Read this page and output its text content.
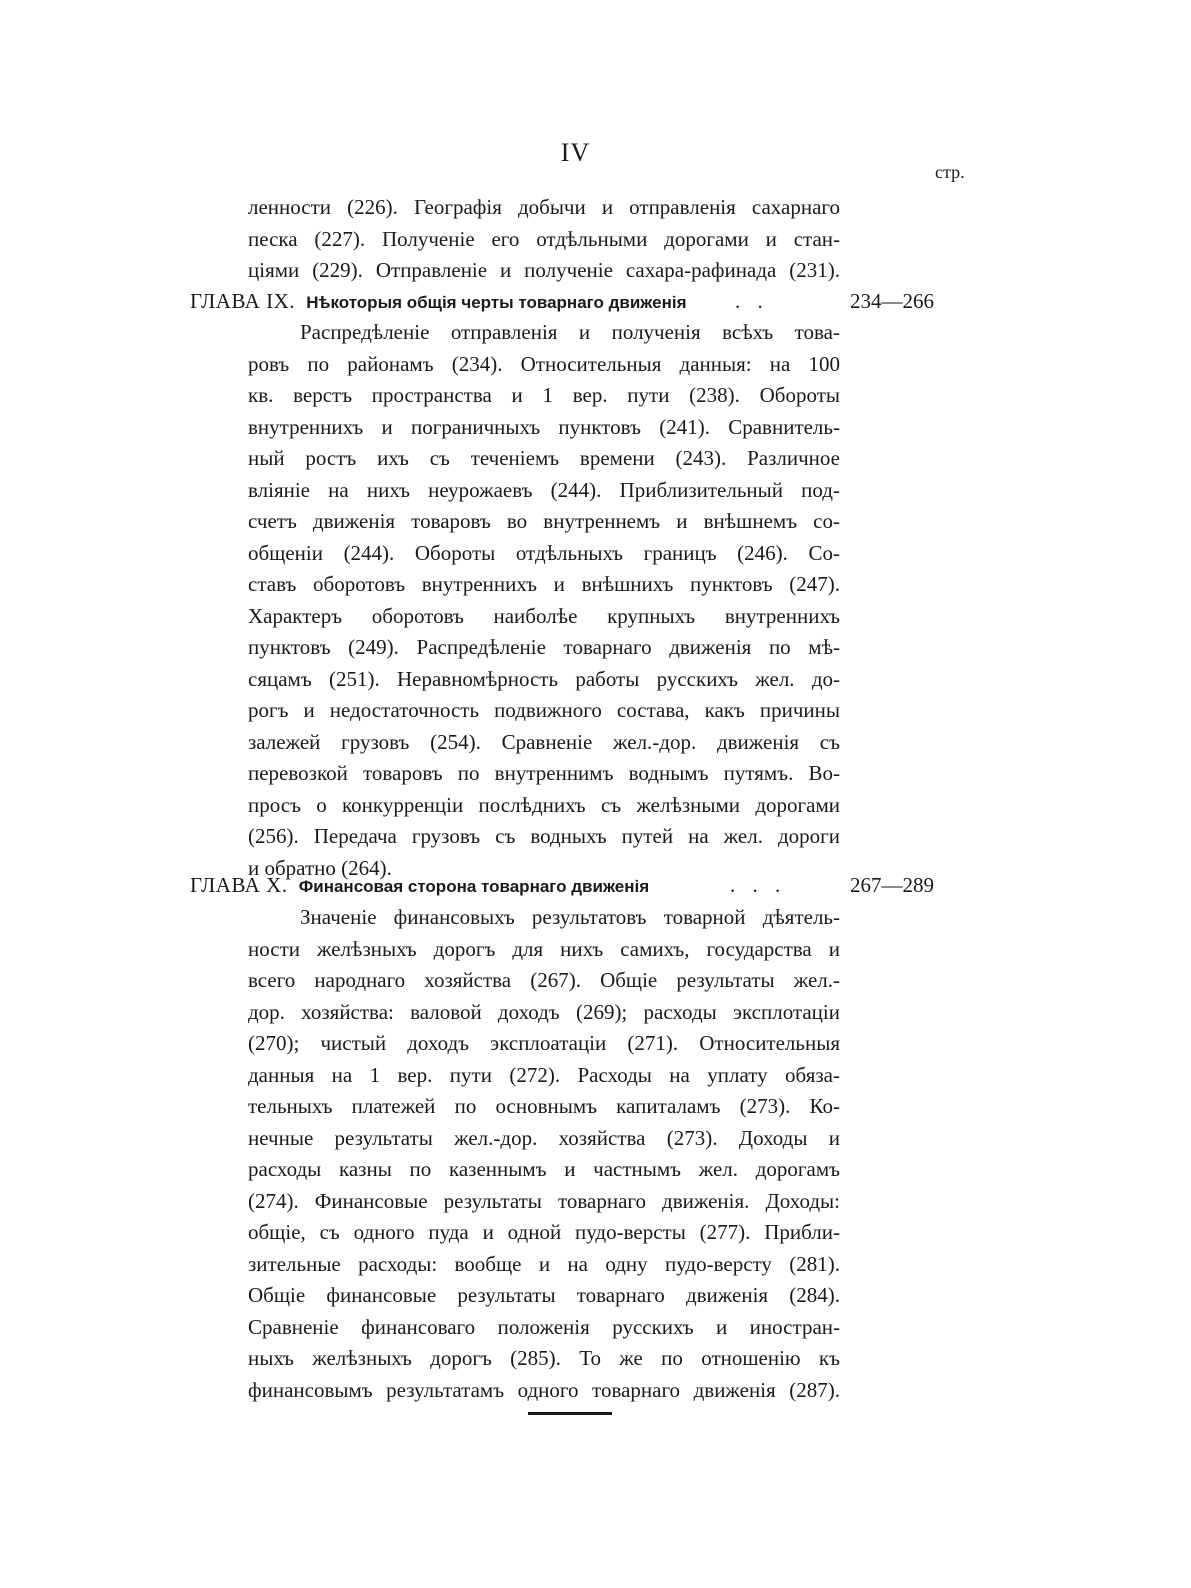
IV
стр.
ленности (226). Географія добычи и отправленія сахарнаго
песка (227). Полученіе его отдѣльными дорогами и стан-
ціями (229). Отправленіе и полученіе сахара-рафинада (231).
ГЛАВА IX. Нѣкоторыя общія черты товарнаго движенія . .	234—266
Распредѣленіе отправленія и полученія всѣхъ това-
ровъ по районамъ (234). Относительныя данныя: на 100
кв. верстъ пространства и 1 вер. пути (238). Обороты
внутреннихъ и пограничныхъ пунктовъ (241). Сравнитель-
ный ростъ ихъ съ теченіемъ времени (243). Различное
вліяніе на нихъ неурожаевъ (244). Приблизительный под-
счетъ движенія товаровъ во внутреннемъ и внѣшнемъ со-
общеніи (244). Обороты отдѣльныхъ границъ (246). Со-
ставъ оборотовъ внутреннихъ и внѣшнихъ пунктовъ (247).
Характеръ оборотовъ наиболѣе крупныхъ внутреннихъ
пунктовъ (249). Распредѣленіе товарнаго движенія по мѣ-
сяцамъ (251). Неравномѣрность работы русскихъ жел. до-
рогъ и недостаточность подвижного состава, какъ причины
залежей грузовъ (254). Сравненіе жел.-дор. движенія съ
перевозкой товаровъ по внутреннимъ воднымъ путямъ. Во-
просъ о конкурренціи послѣднихъ съ желѣзными дорогами
(256). Передача грузовъ съ водныхъ путей на жел. дороги
и обратно (264).
ГЛАВА X. Финансовая сторона товарнаго движенія	. . .	267—289
Значеніе финансовыхъ результатовъ товарной дѣятель-
ности желѣзныхъ дорогъ для нихъ самихъ, государства и
всего народнаго хозяйства (267). Общіе результаты жел.-
дор. хозяйства: валовой доходъ (269); расходы эксплотаціи
(270); чистый доходъ эксплоатаціи (271). Относительныя
данныя на 1 вер. пути (272). Расходы на уплату обяза-
тельныхъ платежей по основнымъ капиталамъ (273). Ко-
нечные результаты жел.-дор. хозяйства (273). Доходы и
расходы казны по казеннымъ и частнымъ жел. дорогамъ
(274). Финансовые результаты товарнаго движенія. Доходы:
общіе, съ одного пуда и одной пудо-версты (277). Прибли-
зительные расходы: вообще и на одну пудо-версту (281).
Общіе финансовые результаты товарнаго движенія (284).
Сравненіе финансоваго положенія русскихъ и иностран-
ныхъ желѣзныхъ дорогъ (285). То же по отношенію къ
финансовымъ результатамъ одного товарнаго движенія (287).
